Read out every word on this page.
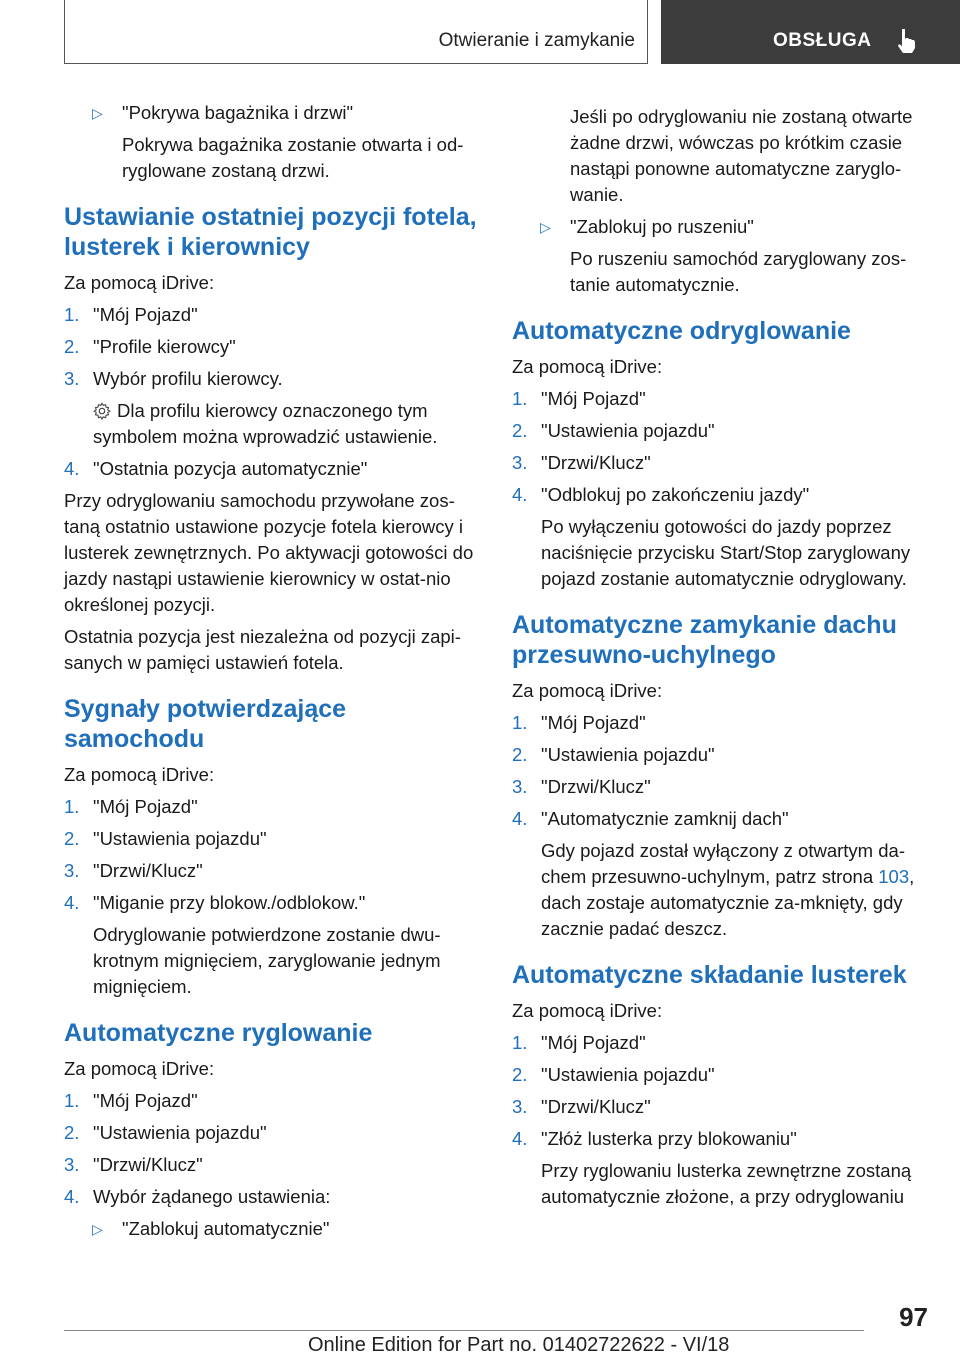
Otwieranie i zamykanie	OBSŁUGA
▷ "Pokrywa bagażnika i drzwi"

Pokrywa bagażnika zostanie otwarta i od-ryglowane zostaną drzwi.

Ustawianie ostatniej pozycji fotela, lusterek i kierownicy

Za pomocą iDrive:

1. "Mój Pojazd"
2. "Profile kierowcy"
3. Wybór profilu kierowcy.

Dla profilu kierowcy oznaczonego tym symbolem można wprowadzić ustawienie.

4. "Ostatnia pozycja automatycznie"

Przy odryglowaniu samochodu przywołane zos-taną ostatnio ustawione pozycje fotela kierowcy i lusterek zewnętrznych. Po aktywacji gotowości do jazdy nastąpi ustawienie kierownicy w ostat-nio określonej pozycji.

Ostatnia pozycja jest niezależna od pozycji zapi-sanych w pamięci ustawień fotela.

Sygnały potwierdzające samochodu

Za pomocą iDrive:

1. "Mój Pojazd"
2. "Ustawienia pojazdu"
3. "Drzwi/Klucz"
4. "Miganie przy blokow./odblokow."

Odryglowanie potwierdzone zostanie dwu-krotnym mignięciem, zaryglowanie jednym mignięciem.

Automatyczne ryglowanie

Za pomocą iDrive:

1. "Mój Pojazd"
2. "Ustawienia pojazdu"
3. "Drzwi/Klucz"
4. Wybór żądanego ustawienia:
▷ "Zablokuj automatycznie"

Jeśli po odryglowaniu nie zostaną otwarte żadne drzwi, wówczas po krótkim czasie nastąpi ponowne automatyczne zaryglo-wanie.

▷ "Zablokuj po ruszeniu"

Po ruszeniu samochód zaryglowany zos-tanie automatycznie.

Automatyczne odryglowanie

Za pomocą iDrive:

1. "Mój Pojazd"
2. "Ustawienia pojazdu"
3. "Drzwi/Klucz"
4. "Odblokuj po zakończeniu jazdy"

Po wyłączeniu gotowości do jazdy poprzez naciśnięcie przycisku Start/Stop zaryglowany pojazd zostanie automatycznie odryglowany.

Automatyczne zamykanie dachu przesuwno-uchylnego

Za pomocą iDrive:

1. "Mój Pojazd"
2. "Ustawienia pojazdu"
3. "Drzwi/Klucz"
4. "Automatycznie zamknij dach"

Gdy pojazd został wyłączony z otwartym da-chem przesuwno-uchylnym, patrz strona 103, dach zostaje automatycznie za-mknięty, gdy zacznie padać deszcz.

Automatyczne składanie lusterek

Za pomocą iDrive:

1. "Mój Pojazd"
2. "Ustawienia pojazdu"
3. "Drzwi/Klucz"
4. "Złóż lusterka przy blokowaniu"

Przy ryglowaniu lusterka zewnętrzne zostaną automatycznie złożone, a przy odryglowaniu

97
Online Edition for Part no. 01402722622 - VI/18
